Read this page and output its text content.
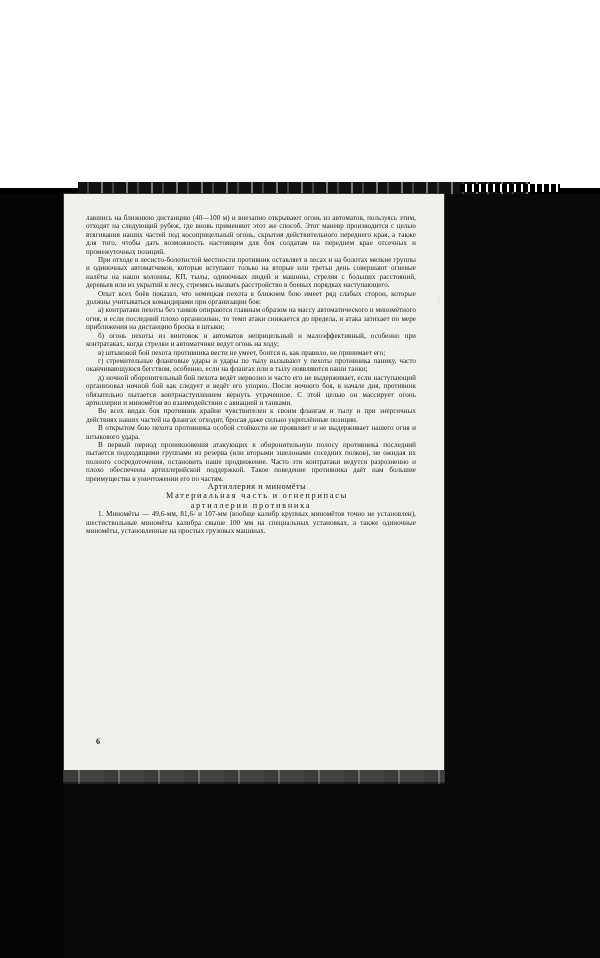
1

лавшись на ближнюю дистанцию (40—100 м) и внезапно открывают огонь из автоматов, пользуясь этим, отходят на следующий рубеж, где вновь применяют этот же способ. Этот маневр производится с целью втягивания наших частей под косоприцельный огонь, скрытия действительного переднего края, а также для того, чтобы дать возможность настоящим для боя солдатам на переднем крае отсечных и промежуточных позиций.

При отходе в лесисто-болотистой местности противник оставляет в лесах и на болотах мелкие группы и одиночных автоматчиков, которые вступают только на вторые или третьи день совершают огневые налёты на наши колонны, КП, тылы, одиночных людей и машины, стреляя с больших расстояний, деревьев или из укрытий в лесу, стремясь вызвать расстройство в боевых порядках наступающего.

Опыт всех боёв показал, что немецкая пехота в ближнем бою имеет ряд слабых сторон, которые должны учитываться командирами при организации боя:

а) контратаки пехоты без танков опираются главным образом на массу автоматического и миномётного огня, и если последний плохо организован, то темп атаки снижается до предела, и атака затихает по мере приближения на дистанцию броска в штыки;

б) огонь пехоты из винтовок и автоматов неприцельный и малоэффективный, особенно при контратаках, когда стрелки и автоматчики ведут огонь на ходу;

в) штыковой бой пехота противника вести не умеет, боится и, как правило, не принимает его;

г) стремительные фланговые удары и удары по тылу вызывают у пехоты противника панику, часто оканчивающуюся бегством, особенно, если на флангах или в тылу появляются наши танки;

д) ночной оборонительный бой пехота ведёт нервозно и часто его не выдерживает, если наступающий организовал ночной бой как следует и ведёт его упорно. После ночного боя, в начале дня, противник обязательно пытается контрнаступлением вернуть утраченное. С этой целью он массирует огонь артиллерии и миномётов во взаимодействии с авиацией и танками.

Во всех видах боя противник крайне чувствителен к своим флангам и тылу и при энергичных действиях наших частей на флангах отходит, бросая даже сильно укреплённые позиции.

В открытом бою пехота противника особой стойкости не проявляет и не выдерживает нашего огня и штыкового удара.

В первый период проникновения атакующих в оборонительную полосу противника последний пытается подходящими группами из резерва (или вторыми эшелонами соседних полков), не ожидая их полного сосредоточения, остановить наше продвижение. Часто эти контратаки ведутся разрозненно и плохо обеспечены артиллерийской поддержкой. Такое поведение противника даёт нам большие преимущества в уничтожении его по частям.

Артиллерия и миномёты

Материальная часть и огнеприпасы
артиллерии противника

1. Миномёты — 49,6-мм, 81,6- и 107-мм (вообще калибр крупных миномётов точно не установлен), шестиствольные миномёты калибра свыше 100 мм на специальных установках, а также одиночные миномёты, установленные на простых грузовых машинах.

6
